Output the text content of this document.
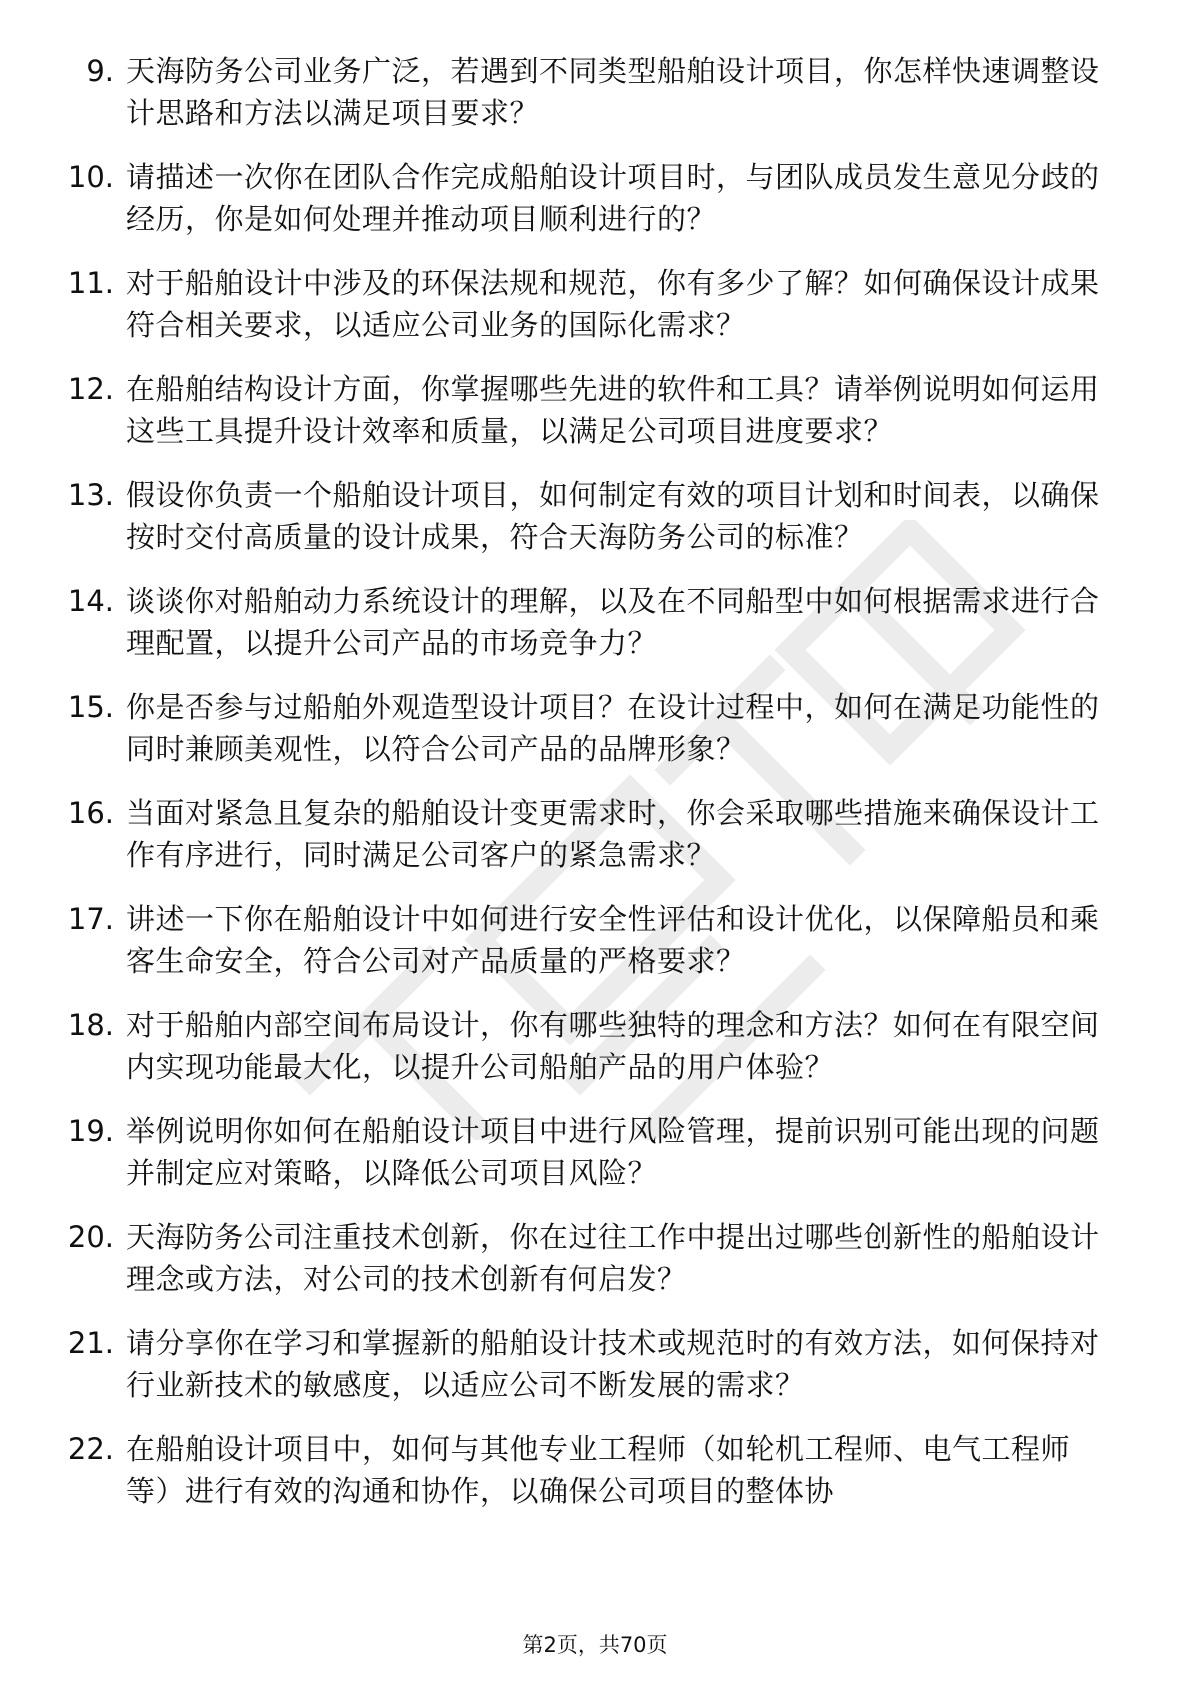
9. 天海防务公司业务广泛，若遇到不同类型船舶设计项目，你怎样快速调整设计思路和方法以满足项目要求？
10. 请描述一次你在团队合作完成船舶设计项目时，与团队成员发生意见分歧的经历，你是如何处理并推动项目顺利进行的？
11. 对于船舶设计中涉及的环保法规和规范，你有多少了解？如何确保设计成果符合相关要求，以适应公司业务的国际化需求？
12. 在船舶结构设计方面，你掌握哪些先进的软件和工具？请举例说明如何运用这些工具提升设计效率和质量，以满足公司项目进度要求？
13. 假设你负责一个船舶设计项目，如何制定有效的项目计划和时间表，以确保按时交付高质量的设计成果，符合天海防务公司的标准？
14. 谈谈你对船舶动力系统设计的理解，以及在不同船型中如何根据需求进行合理配置，以提升公司产品的市场竞争力？
15. 你是否参与过船舶外观造型设计项目？在设计过程中，如何在满足功能性的同时兼顾美观性，以符合公司产品的品牌形象？
16. 当面对紧急且复杂的船舶设计变更需求时，你会采取哪些措施来确保设计工作有序进行，同时满足公司客户的紧急需求？
17. 讲述一下你在船舶设计中如何进行安全性评估和设计优化，以保障船员和乘客生命安全，符合公司对产品质量的严格要求？
18. 对于船舶内部空间布局设计，你有哪些独特的理念和方法？如何在有限空间内实现功能最大化，以提升公司船舶产品的用户体验？
19. 举例说明你如何在船舶设计项目中进行风险管理，提前识别可能出现的问题并制定应对策略，以降低公司项目风险？
20. 天海防务公司注重技术创新，你在过往工作中提出过哪些创新性的船舶设计理念或方法，对公司的技术创新有何启发？
21. 请分享你在学习和掌握新的船舶设计技术或规范时的有效方法，如何保持对行业新技术的敏感度，以适应公司不断发展的需求？
22. 在船舶设计项目中，如何与其他专业工程师（如轮机工程师、电气工程师等）进行有效的沟通和协作，以确保公司项目的整体协
第2页，共70页
